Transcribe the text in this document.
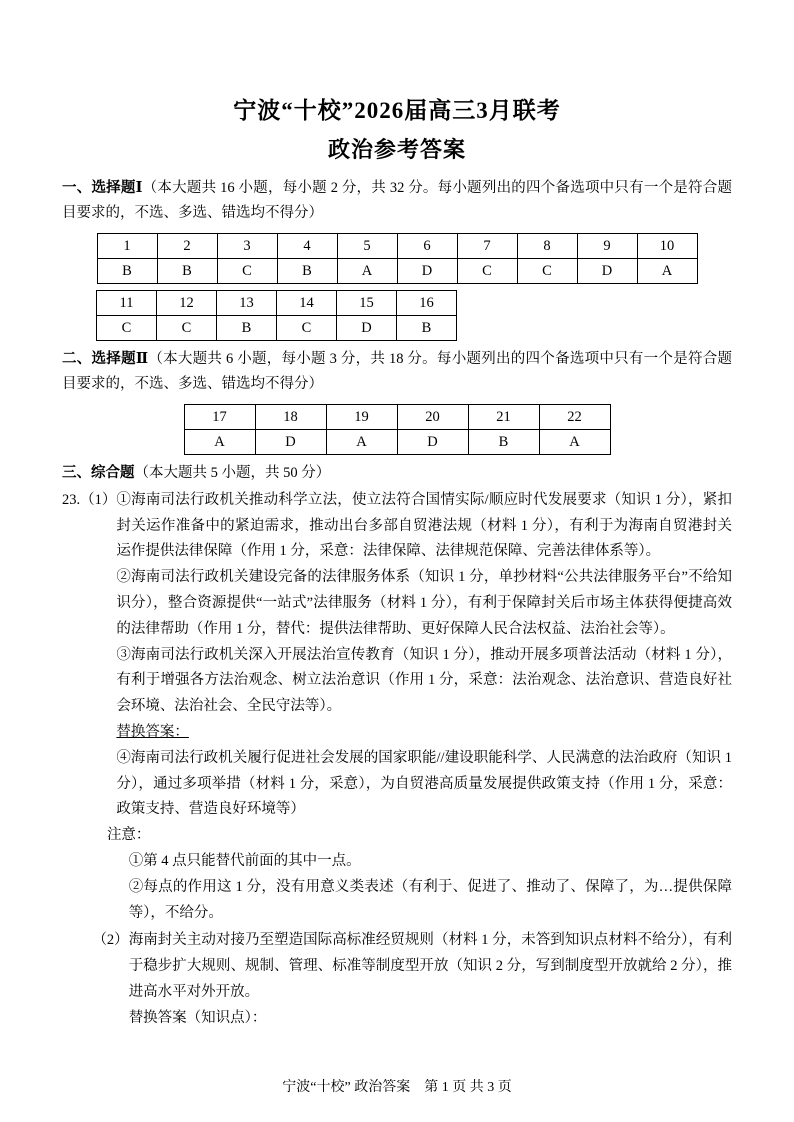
宁波“十校”2026届高三3月联考
政治参考答案
一、选择题Ⅰ（本大题共 16 小题，每小题 2 分，共 32 分。每小题列出的四个备选项中只有一个是符合题目要求的，不选、多选、错选均不得分）
1	2	3	4	5	6	7	8	9	10
B	B	C	B	A	D	C	C	D	A
11	12	13	14	15	16
C	C	B	C	D	B
二、选择题Ⅱ（本大题共 6 小题，每小题 3 分，共 18 分。每小题列出的四个备选项中只有一个是符合题目要求的，不选、多选、错选均不得分）
17	18	19	20	21	22
A	D	A	D	B	A
三、综合题（本大题共 5 小题，共 50 分）
23.（1） ①海南司法行政机关推动科学立法，使立法符合国情实际/顺应时代发展要求（知识 1 分），紧扣封关运作准备中的紧迫需求，推动出台多部自贸港法规（材料 1 分），有利于为海南自贸港封关运作提供法律保障（作用 1 分，采意：法律保障、法律规范保障、完善法律体系等）。
②海南司法行政机关建设完备的法律服务体系（知识 1 分，单抄材料“公共法律服务平台”不给知识分），整合资源提供“一站式”法律服务（材料 1 分），有利于保障封关后市场主体获得便捷高效的法律帮助（作用 1 分，替代：提供法律帮助、更好保障人民合法权益、法治社会等）。
③海南司法行政机关深入开展法治宣传教育（知识 1 分），推动开展多项普法活动（材料 1 分），有利于增强各方法治观念、树立法治意识（作用 1 分，采意：法治观念、法治意识、营造良好社会环境、法治社会、全民守法等）。
替换答案：
④海南司法行政机关履行促进社会发展的国家职能//建设职能科学、人民满意的法治政府（知识 1 分），通过多项举措（材料 1 分，采意），为自贸港高质量发展提供政策支持（作用 1 分，采意：政策支持、营造良好环境等）
注意：
①第 4 点只能替代前面的其中一点。
②每点的作用这 1 分，没有用意义类表述（有利于、促进了、推动了、保障了，为…提供保障等），不给分。
（2） 海南封关主动对接乃至塑造国际高标准经贸规则（材料 1 分，未答到知识点材料不给分），有利于稳步扩大规则、规制、管理、标准等制度型开放（知识 2 分，写到制度型开放就给 2 分），推进高水平对外开放。
替换答案（知识点）：
宁波“十校” 政治答案　第 1 页 共 3 页
